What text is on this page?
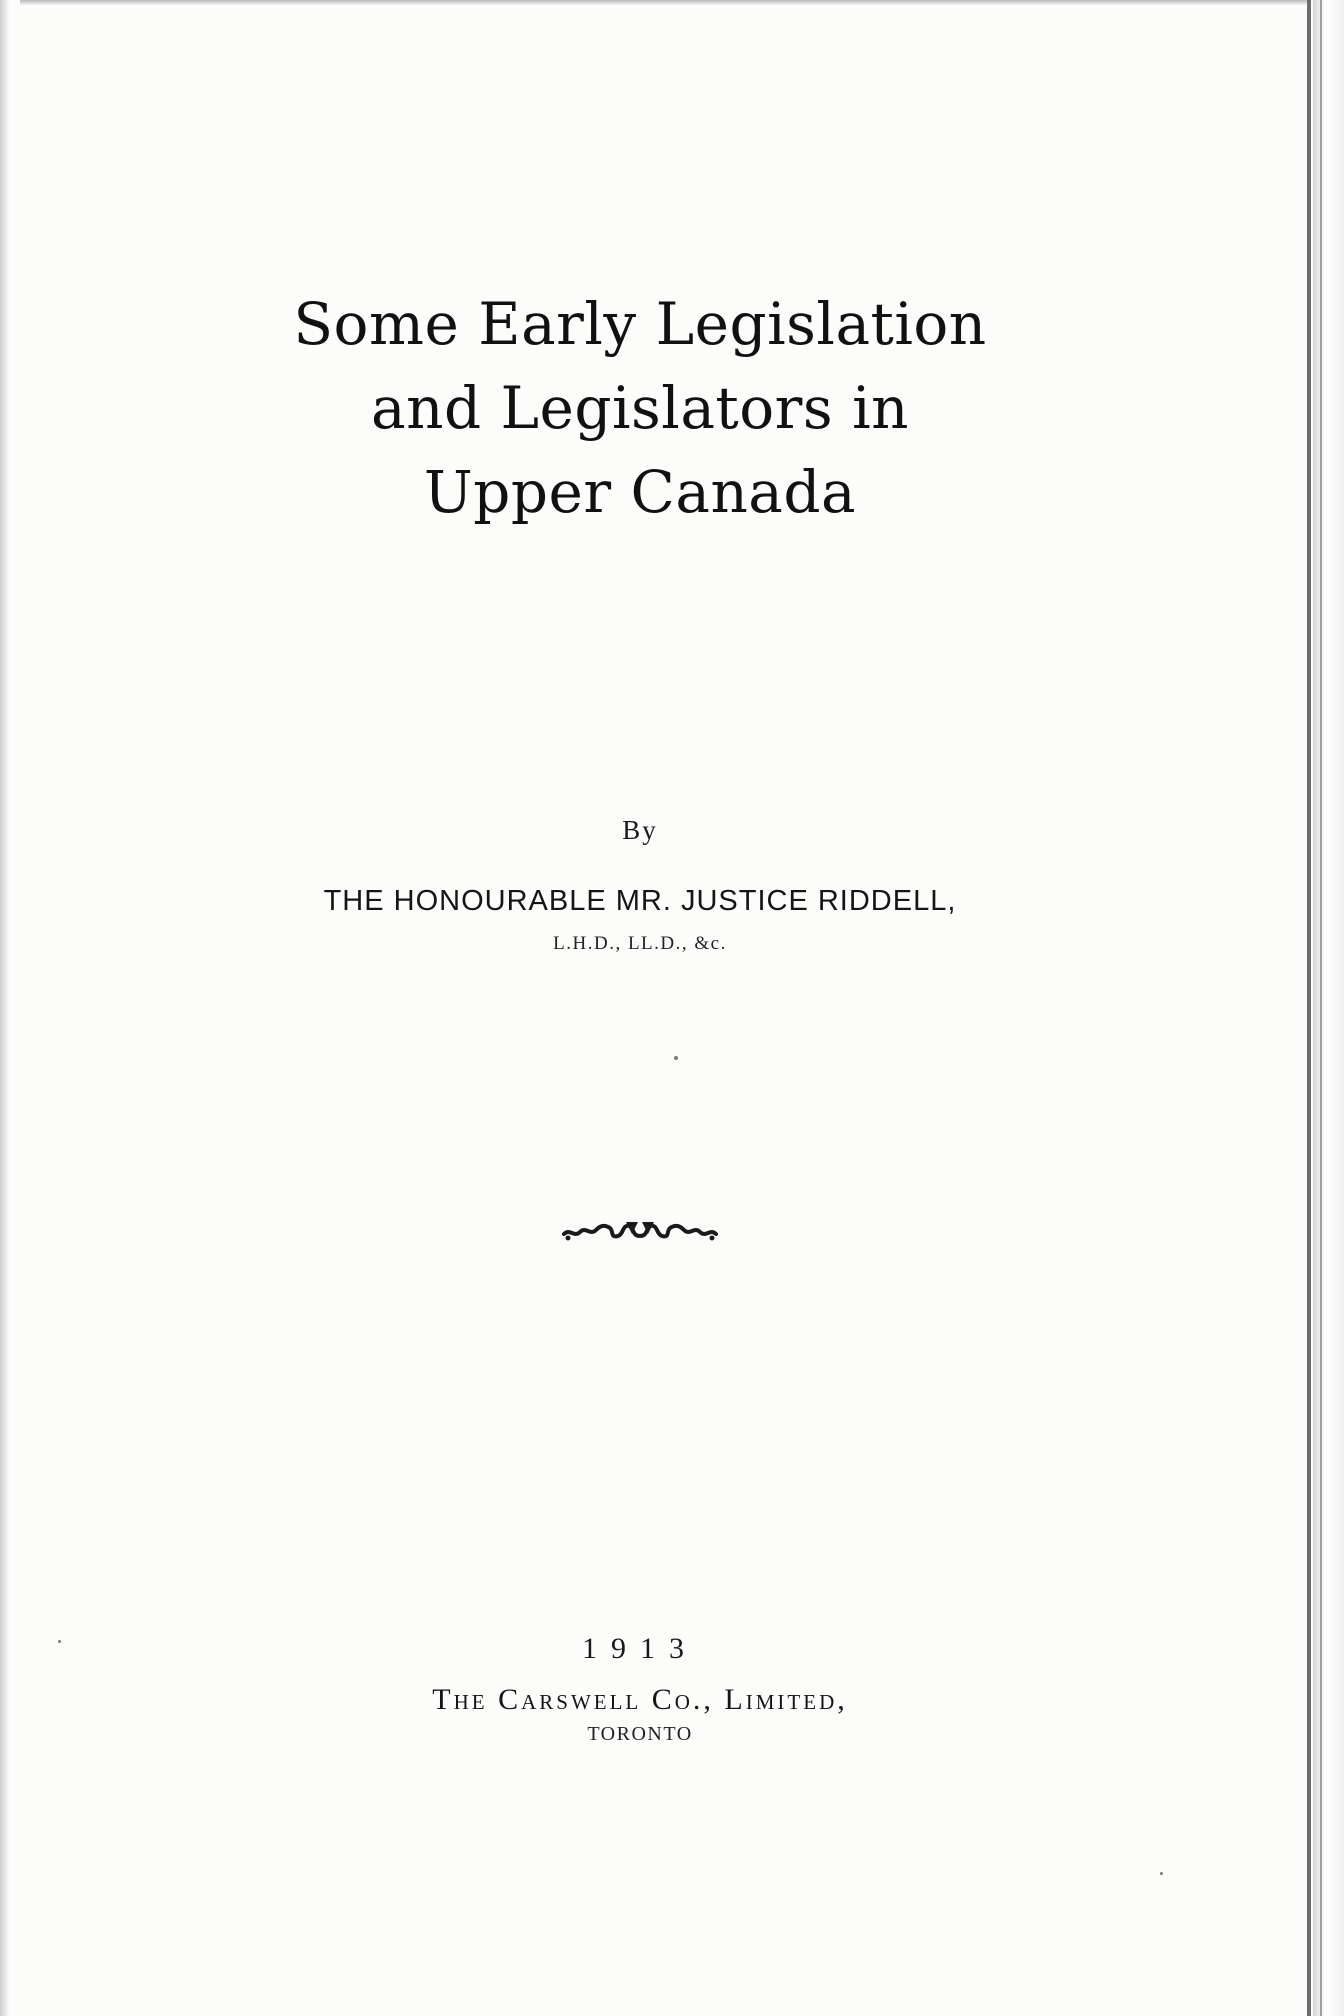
Some Early Legislation
and Legislators in
Upper Canada
By
THE HONOURABLE MR. JUSTICE RIDDELL,
L.H.D., LL.D., &c.
1913
The Carswell Co., Limited,
TORONTO
